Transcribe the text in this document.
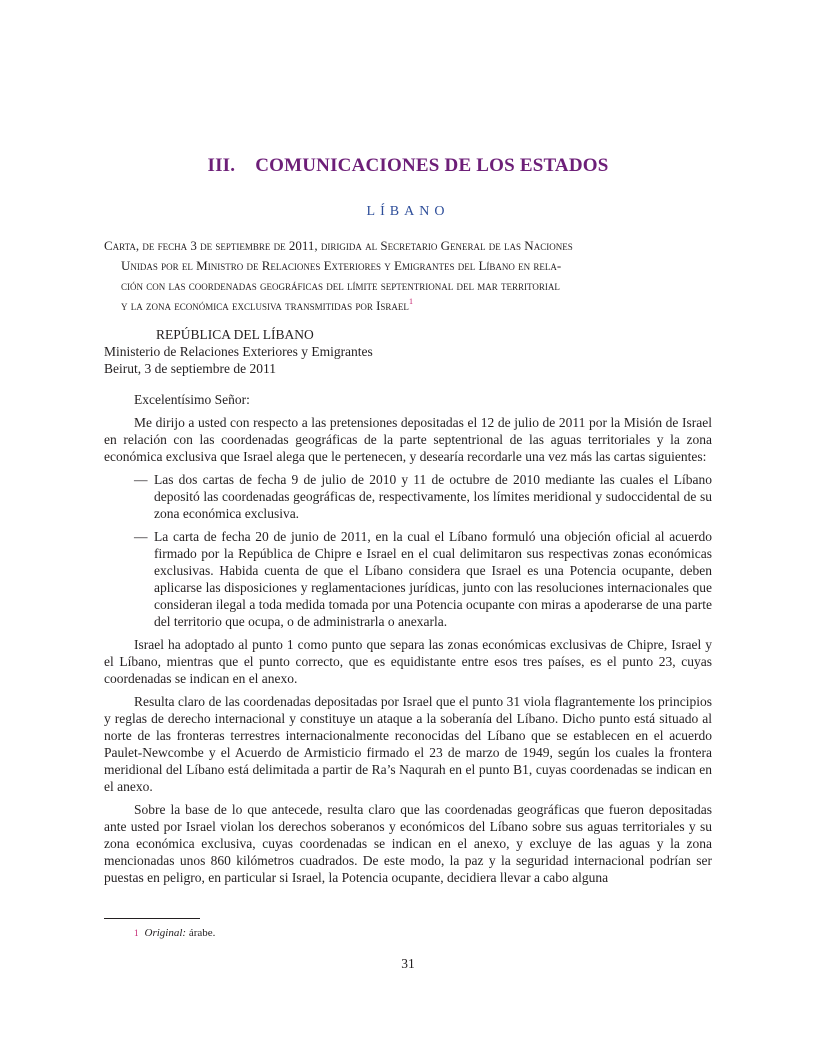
III. COMUNICACIONES DE LOS ESTADOS
LÍBANO
Carta, de fecha 3 de septiembre de 2011, dirigida al Secretario General de las Naciones
Unidas por el Ministro de Relaciones Exteriores y Emigrantes del Líbano en rela-
ción con las coordenadas geográficas del límite septentrional del mar territorial
y la zona económica exclusiva transmitidas por Israel$^1$
REPÚBLICA DEL LÍBANO
Ministerio de Relaciones Exteriores y Emigrantes
Beirut, 3 de septiembre de 2011
Excelentísimo Señor:

Me dirijo a usted con respecto a las pretensiones depositadas el 12 de julio de 2011 por la Misión de Israel en relación con las coordenadas geográficas de la parte septentrional de las aguas territoriales y la zona económica exclusiva que Israel alega que le pertenecen, y desearía recordarle una vez más las cartas siguientes:

— Las dos cartas de fecha 9 de julio de 2010 y 11 de octubre de 2010 mediante las cuales el Líbano depositó las coordenadas geográficas de, respectivamente, los límites meridional y sudoccidental de su zona económica exclusiva.
— La carta de fecha 20 de junio de 2011, en la cual el Líbano formuló una objeción oficial al acuerdo firmado por la República de Chipre e Israel en el cual delimitaron sus respectivas zonas económicas exclusivas. Habida cuenta de que el Líbano considera que Israel es una Potencia ocupante, deben aplicarse las disposiciones y reglamentaciones jurídicas, junto con las resoluciones internacionales que consideran ilegal a toda medida tomada por una Potencia ocupante con miras a apoderarse de una parte del territorio que ocupa, o de administrarla o anexarla.

Israel ha adoptado al punto 1 como punto que separa las zonas económicas exclusivas de Chipre, Israel y el Líbano, mientras que el punto correcto, que es equidistante entre esos tres países, es el punto 23, cuyas coordenadas se indican en el anexo.

Resulta claro de las coordenadas depositadas por Israel que el punto 31 viola flagrantemente los principios y reglas de derecho internacional y constituye un ataque a la soberanía del Líbano. Dicho punto está situado al norte de las fronteras terrestres internacionalmente reconocidas del Líbano que se establecen en el acuerdo Paulet-Newcombe y el Acuerdo de Armisticio firmado el 23 de marzo de 1949, según los cuales la frontera meridional del Líbano está delimitada a partir de Ra’s Naqurah en el punto B1, cuyas coordenadas se indican en el anexo.

Sobre la base de lo que antecede, resulta claro que las coordenadas geográficas que fueron depositadas ante usted por Israel violan los derechos soberanos y económicos del Líbano sobre sus aguas territoriales y su zona económica exclusiva, cuyas coordenadas se indican en el anexo, y excluye de las aguas y la zona mencionadas unos 860 kilómetros cuadrados. De este modo, la paz y la seguridad internacional podrían ser puestas en peligro, en particular si Israel, la Potencia ocupante, decidiera llevar a cabo alguna

1 Original: árabe.
31
